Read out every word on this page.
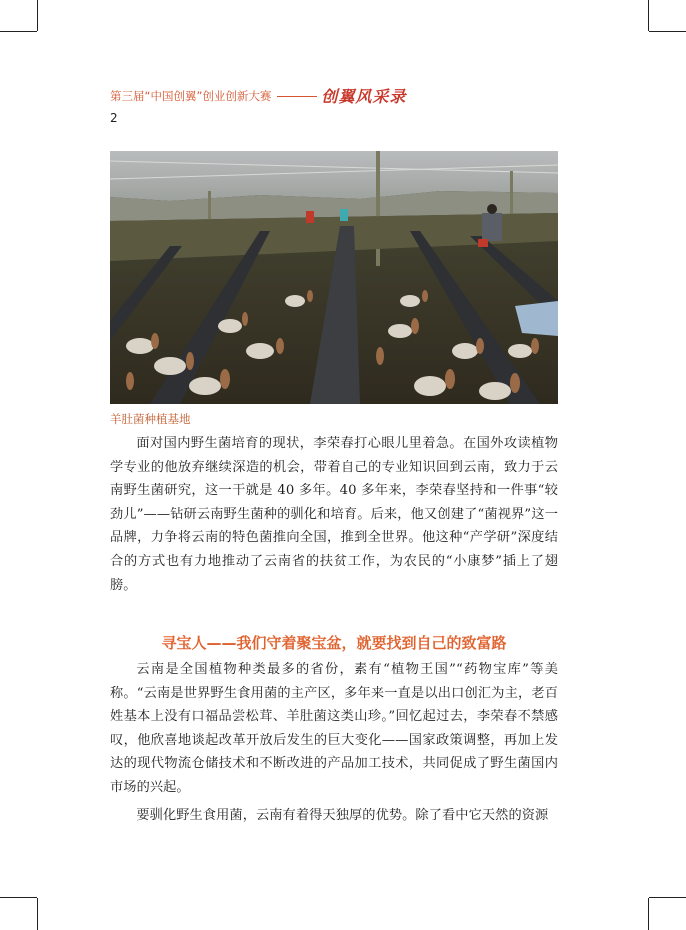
第三届“中国创翼”创业创新大赛	创翼风采录
2
羊肚菌种植基地

面对国内野生菌培育的现状，李荣春打心眼儿里着急。在国外攻读植物学专业的他放弃继续深造的机会，带着自己的专业知识回到云南，致力于云南野生菌研究，这一干就是 40 多年。40 多年来，李荣春坚持和一件事“较劲儿”——钻研云南野生菌种的驯化和培育。后来，他又创建了“菌视界”这一品牌，力争将云南的特色菌推向全国，推到全世界。他这种“产学研”深度结合的方式也有力地推动了云南省的扶贫工作，为农民的“小康梦”插上了翅膀。

寻宝人——我们守着聚宝盆，就要找到自己的致富路

云南是全国植物种类最多的省份，素有“植物王国”“药物宝库”等美称。“云南是世界野生食用菌的主产区，多年来一直是以出口创汇为主，老百姓基本上没有口福品尝松茸、羊肚菌这类山珍。”回忆起过去，李荣春不禁感叹，他欣喜地谈起改革开放后发生的巨大变化——国家政策调整，再加上发达的现代物流仓储技术和不断改进的产品加工技术，共同促成了野生菌国内市场的兴起。

要驯化野生食用菌，云南有着得天独厚的优势。除了看中它天然的资源
